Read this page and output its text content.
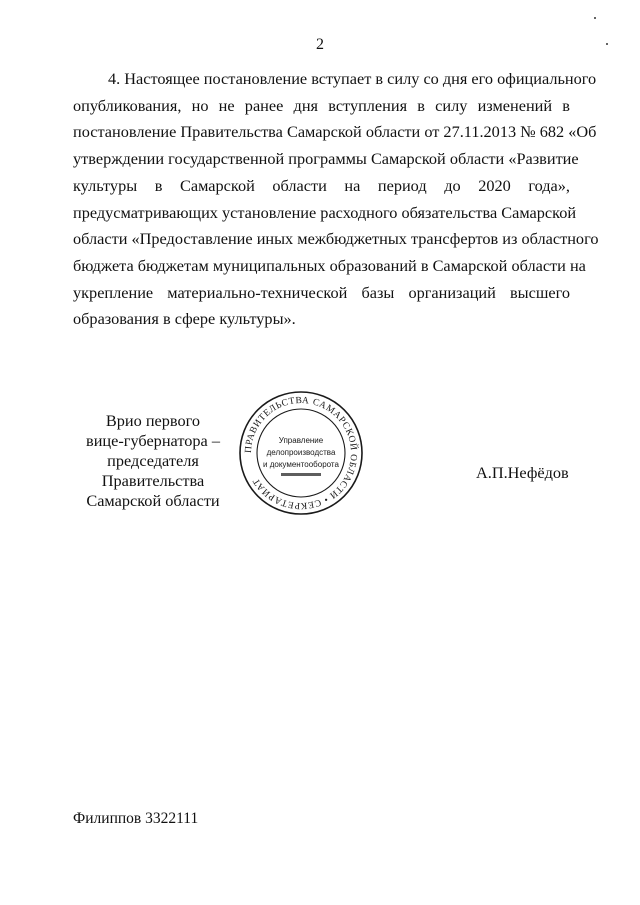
2
4. Настоящее постановление вступает в силу со дня его официального
опубликования, но не ранее дня вступления в силу изменений в
постановление Правительства Самарской области от 27.11.2013 № 682 «Об
утверждении государственной программы Самарской области «Развитие
культуры в Самарской области на период до 2020 года»,
предусматривающих установление расходного обязательства Самарской
области «Предоставление иных межбюджетных трансфертов из областного
бюджета бюджетам муниципальных образований в Самарской области на
укрепление материально-технической базы организаций высшего
образования в сфере культуры».
Врио первого
вице-губернатора –
председателя Правительства
Самарской области
ПРАВИТЕЛЬСТВА САМАРСКОЙ ОБЛАСТИ • СЕКРЕТАРИАТ
Управление
делопроизводства
и документооборота	А.П.Нефёдов
Филиппов 3322111
